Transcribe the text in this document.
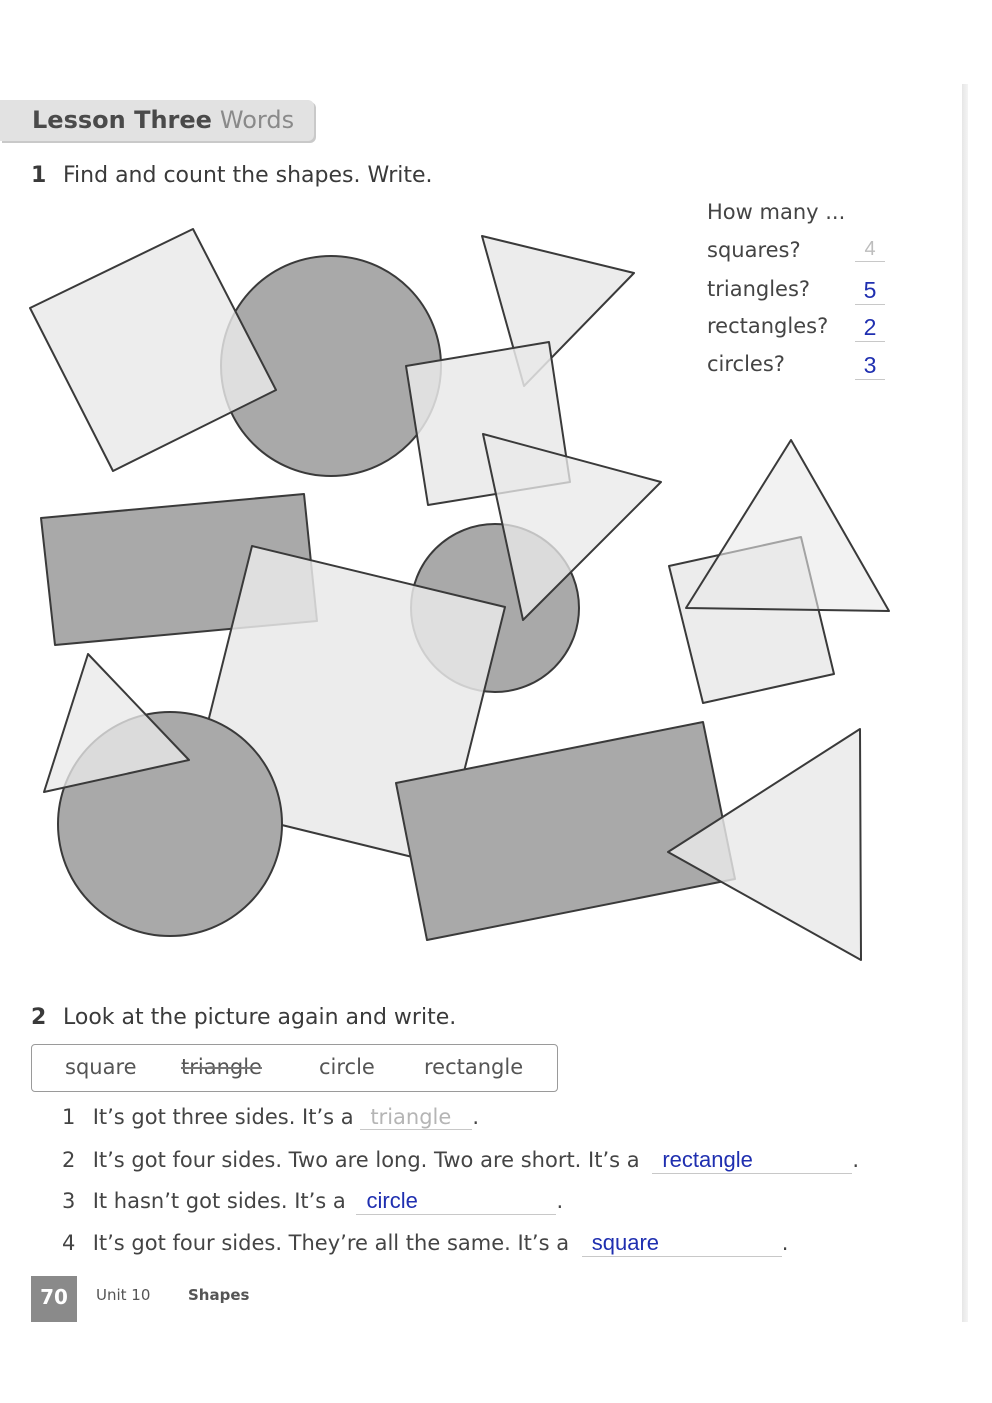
Lesson Three Words
1 Find and count the shapes. Write.
How many ...
squares?	4
triangles?	5
rectangles?	2
circles?	3
2 Look at the picture again and write.
square triangle	circle rectangle
1 It’s got three sides. It’s a triangle .
2 It’s got four sides. Two are long. Two are short. It’s a rectangle	.
3 It hasn’t got sides. It’s a circle	.
4 It’s got four sides. They’re all the same. It’s a square	.
70	Unit 10	Shapes
